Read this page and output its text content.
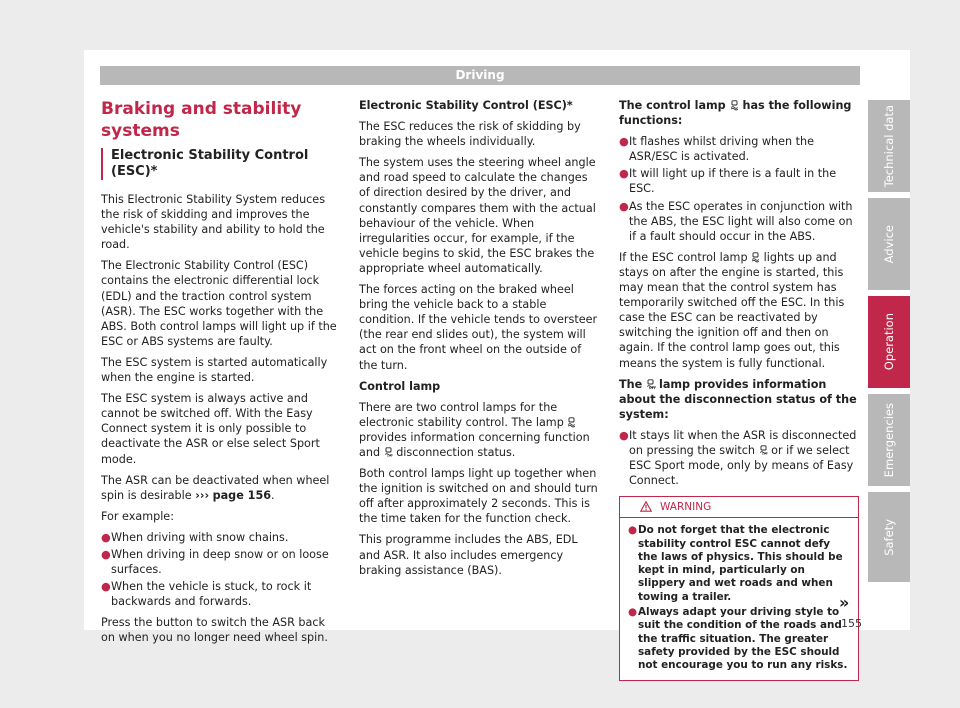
Driving
Braking and stability systems
Electronic Stability Control (ESC)*

This Electronic Stability System reduces the risk of skidding and improves the vehicle's stability and ability to hold the road.

The Electronic Stability Control (ESC) contains the electronic differential lock (EDL) and the traction control system (ASR). The ESC works together with the ABS. Both control lamps will light up if the ESC or ABS systems are faulty.

The ESC system is started automatically when the engine is started.

The ESC system is always active and cannot be switched off. With the Easy Connect system it is only possible to deactivate the ASR or else select Sport mode.

The ASR can be deactivated when wheel spin is desirable ››› page 156.

For example:

● When driving with snow chains.
● When driving in deep snow or on loose surfaces.
● When the vehicle is stuck, to rock it backwards and forwards.

Press the button to switch the ASR back on when you no longer need wheel spin.

Electronic Stability Control (ESC)*

The ESC reduces the risk of skidding by braking the wheels individually.

The system uses the steering wheel angle and road speed to calculate the changes of direction desired by the driver, and constantly compares them with the actual behaviour of the vehicle. When irregularities occur, for example, if the vehicle begins to skid, the ESC brakes the appropriate wheel automatically.

The forces acting on the braked wheel bring the vehicle back to a stable condition. If the vehicle tends to oversteer (the rear end slides out), the system will act on the front wheel on the outside of the turn.

Control lamp

There are two control lamps for the electronic stability control. The lamp  provides information concerning function and OFF disconnection status.

Both control lamps light up together when the ignition is switched on and should turn off after approximately 2 seconds. This is the time taken for the function check.

This programme includes the ABS, EDL and ASR. It also includes emergency braking assistance (BAS).

The control lamp has the following functions:

● It flashes whilst driving when the ASR/ESC is activated.
● It will light up if there is a fault in the ESC.
● As the ESC operates in conjunction with the ABS, the ESC light will also come on if a fault should occur in the ABS.

If the ESC control lamp lights up and stays on after the engine is started, this may mean that the control system has temporarily switched off the ESC. In this case the ESC can be reactivated by switching the ignition off and then on again. If the control lamp goes out, this means the system is fully functional.

The OFF lamp provides information about the disconnection status of the system:

● It stays lit when the ASR is disconnected on pressing the switch OFF or if we select ESC Sport mode, only by means of Easy Connect.
WARNING
● Do not forget that the electronic stability control ESC cannot defy the laws of physics. This should be kept in mind, particularly on slippery and wet roads and when towing a trailer.
● Always adapt your driving style to suit the condition of the roads and the traffic situation. The greater safety provided by the ESC should not encourage you to run any risks.
»
155
Technical data
Advice
Operation
Emergencies
Safety
